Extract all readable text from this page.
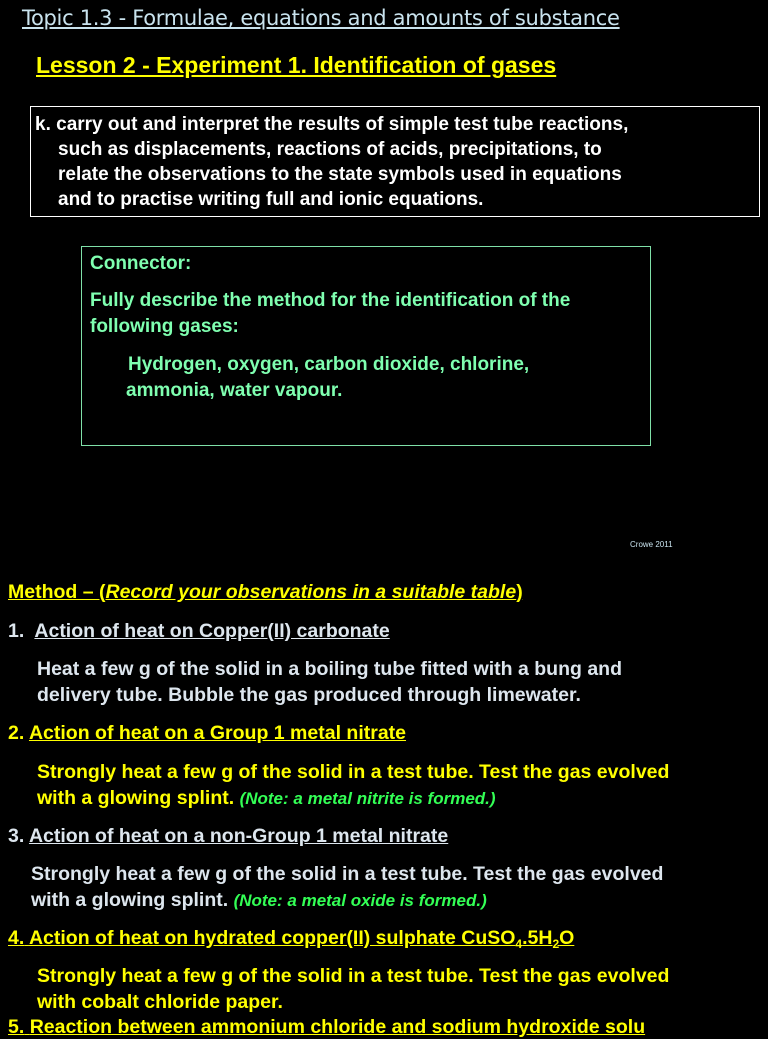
Topic 1.3 - Formulae, equations and amounts of substance
Lesson 2 - Experiment 1. Identification of gases
k. carry out and interpret the results of simple test tube reactions,
such as displacements, reactions of acids, precipitations, to
relate the observations to the state symbols used in equations
and to practise writing full and ionic equations.
Connector:
Fully describe the method for the identification of the
following gases:
Hydrogen, oxygen, carbon dioxide, chlorine,
ammonia, water vapour.
Crowe 2011
Method – (Record your observations in a suitable table)
1. Action of heat on Copper(II) carbonate
Heat a few g of the solid in a boiling tube fitted with a bung and
delivery tube. Bubble the gas produced through limewater.
2. Action of heat on a Group 1 metal nitrate
Strongly heat a few g of the solid in a test tube. Test the gas evolved
with a glowing splint. (Note: a metal nitrite is formed.)
3. Action of heat on a non-Group 1 metal nitrate
Strongly heat a few g of the solid in a test tube. Test the gas evolved
with a glowing splint. (Note: a metal oxide is formed.)
4. Action of heat on hydrated copper(II) sulphate $CuSO_4.5H_2O$
Strongly heat a few g of the solid in a test tube. Test the gas evolved
with cobalt chloride paper.
5. Reaction between ammonium chloride and sodium hydroxide solu
